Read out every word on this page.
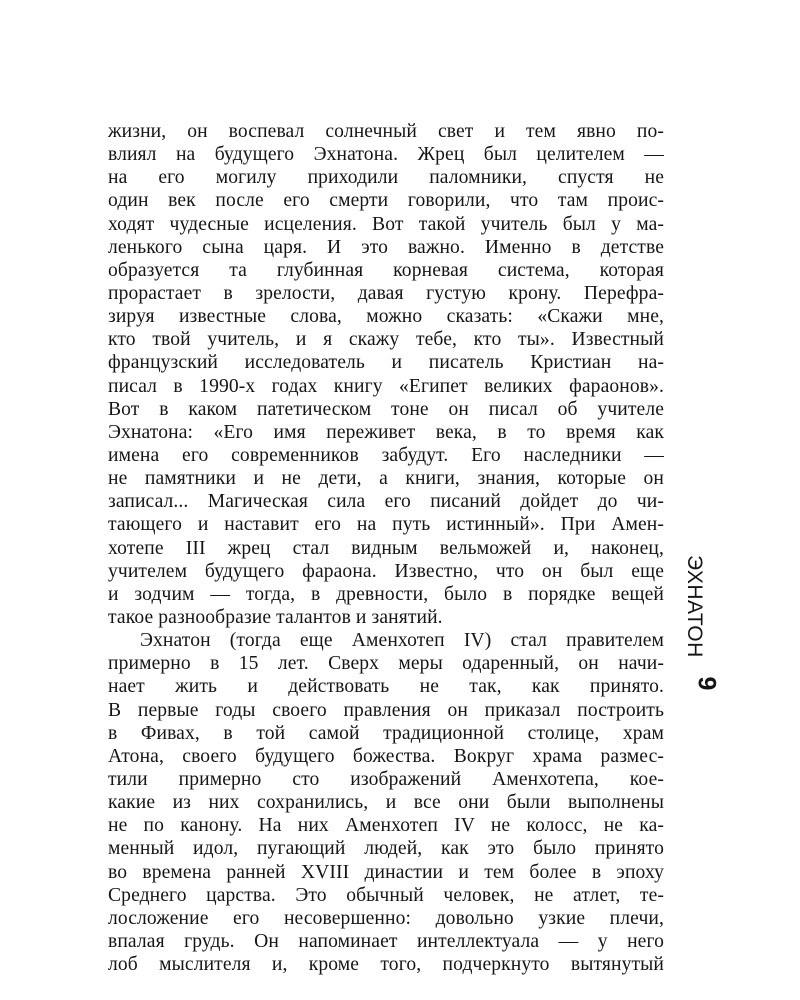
жизни, он воспевал солнечный свет и тем явно по-
влиял на будущего Эхнатона. Жрец был целителем —
на его могилу приходили паломники, спустя не
один век после его смерти говорили, что там проис-
ходят чудесные исцеления. Вот такой учитель был у ма-
ленького сына царя. И это важно. Именно в детстве
образуется та глубинная корневая система, которая
прорастает в зрелости, давая густую крону. Перефра-
зируя известные слова, можно сказать: «Скажи мне,
кто твой учитель, и я скажу тебе, кто ты». Известный
французский исследователь и писатель Кристиан на-
писал в 1990-х годах книгу «Египет великих фараонов».
Вот в каком патетическом тоне он писал об учителе
Эхнатона: «Его имя переживет века, в то время как
имена его современников забудут. Его наследники —
не памятники и не дети, а книги, знания, которые он
записал... Магическая сила его писаний дойдет до чи-
тающего и наставит его на путь истинный». При Амен-
хотепе III жрец стал видным вельможей и, наконец,
учителем будущего фараона. Известно, что он был еще
и зодчим — тогда, в древности, было в порядке вещей
такое разнообразие талантов и занятий.
Эхнатон (тогда еще Аменхотеп IV) стал правителем
примерно в 15 лет. Сверх меры одаренный, он начи-
нает жить и действовать не так, как принято.
В первые годы своего правления он приказал построить
в Фивах, в той самой традиционной столице, храм
Атона, своего будущего божества. Вокруг храма размес-
тили примерно сто изображений Аменхотепа, кое-
какие из них сохранились, и все они были выполнены
не по канону. На них Аменхотеп IV не колосс, не ка-
менный идол, пугающий людей, как это было принято
во времена ранней XVIII династии и тем более в эпоху
Среднего царства. Это обычный человек, не атлет, те-
лосложение его несовершенно: довольно узкие плечи,
впалая грудь. Он напоминает интеллектуала — у него
лоб мыслителя и, кроме того, подчеркнуто вытянутый
ЭХНАТОН
9
